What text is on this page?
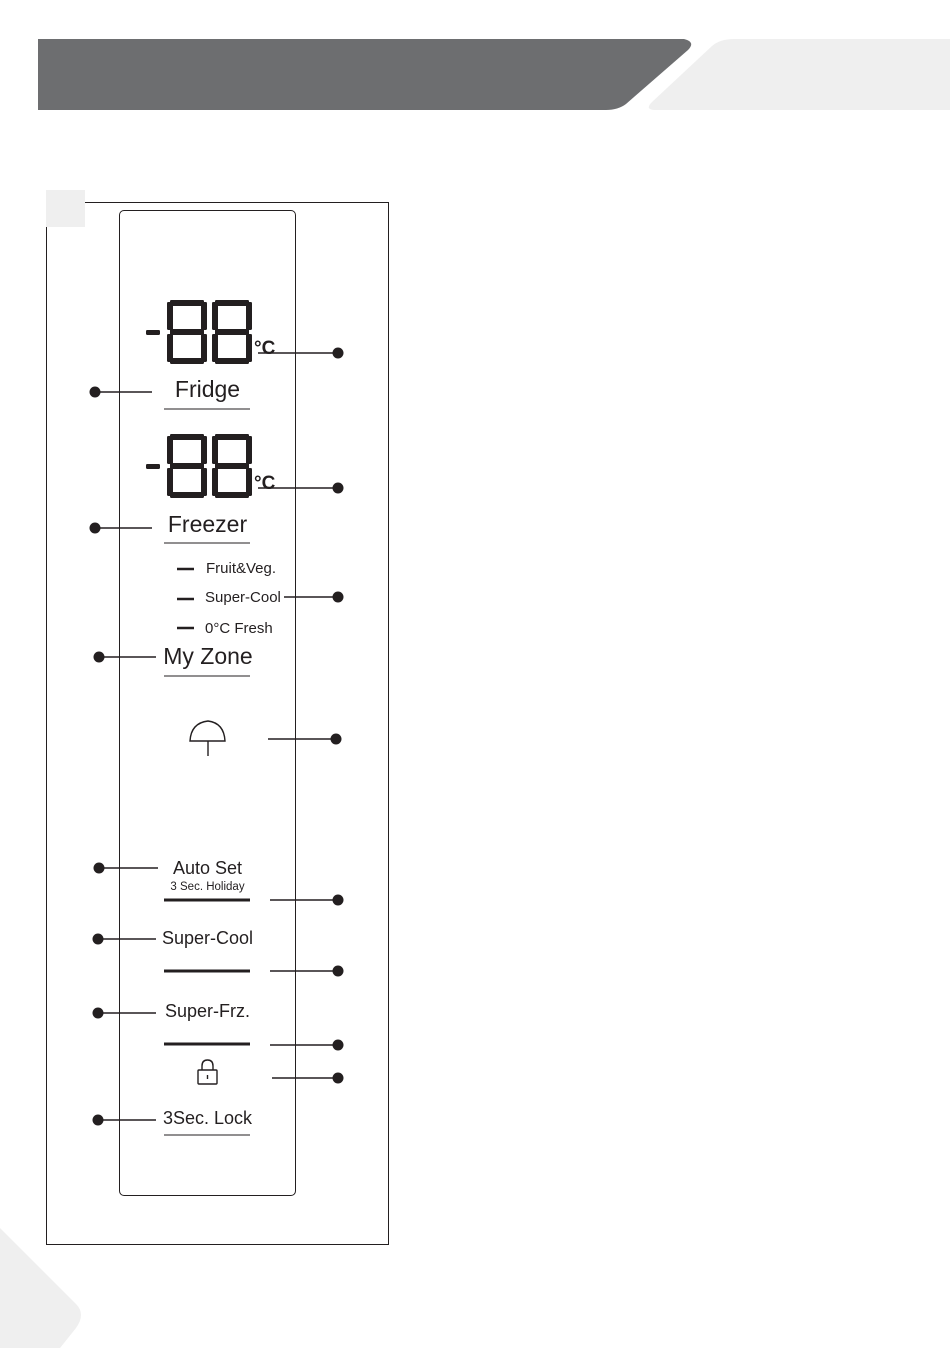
°C
°C
Fridge
Freezer
Fruit&Veg.
Super-Cool
0°C Fresh
My Zone
Auto Set
3 Sec. Holiday
Super-Cool
Super-Frz.
3Sec. Lock
